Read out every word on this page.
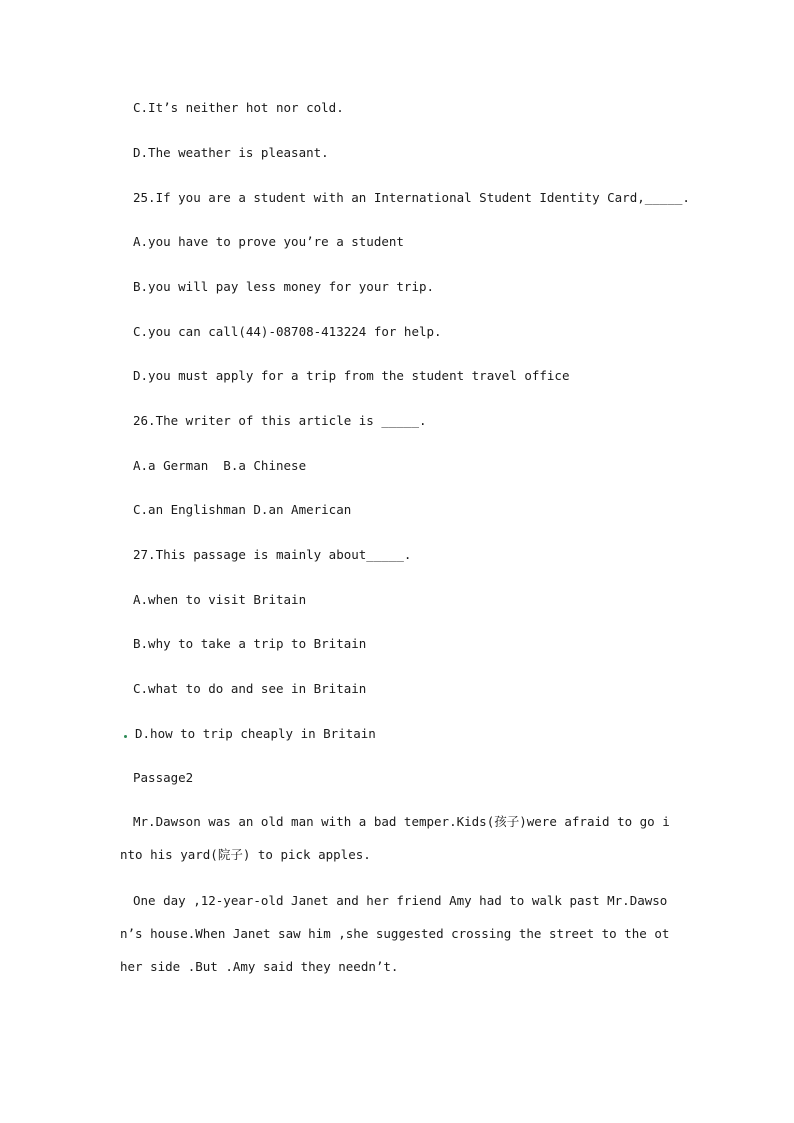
C.It’s neither hot nor cold.
D.The weather is pleasant.
25.If you are a student with an International Student Identity Card,_____.
A.you have to prove you’re a student
B.you will pay less money for your trip.
C.you can call(44)-08708-413224 for help.
D.you must apply for a trip from the student travel office
26.The writer of this article is _____.
A.a German  B.a Chinese
C.an Englishman D.an American
27.This passage is mainly about_____.
A.when to visit Britain
B.why to take a trip to Britain
C.what to do and see in Britain
D.how to trip cheaply in Britain
Passage2
Mr.Dawson was an old man with a bad temper.Kids(孩子)were afraid to go into his yard(院子) to pick apples.
One day ,12-year-old Janet and her friend Amy had to walk past Mr.Dawson’s house.When Janet saw him ,she suggested crossing the street to the other side .But .Amy said they needn’t.
